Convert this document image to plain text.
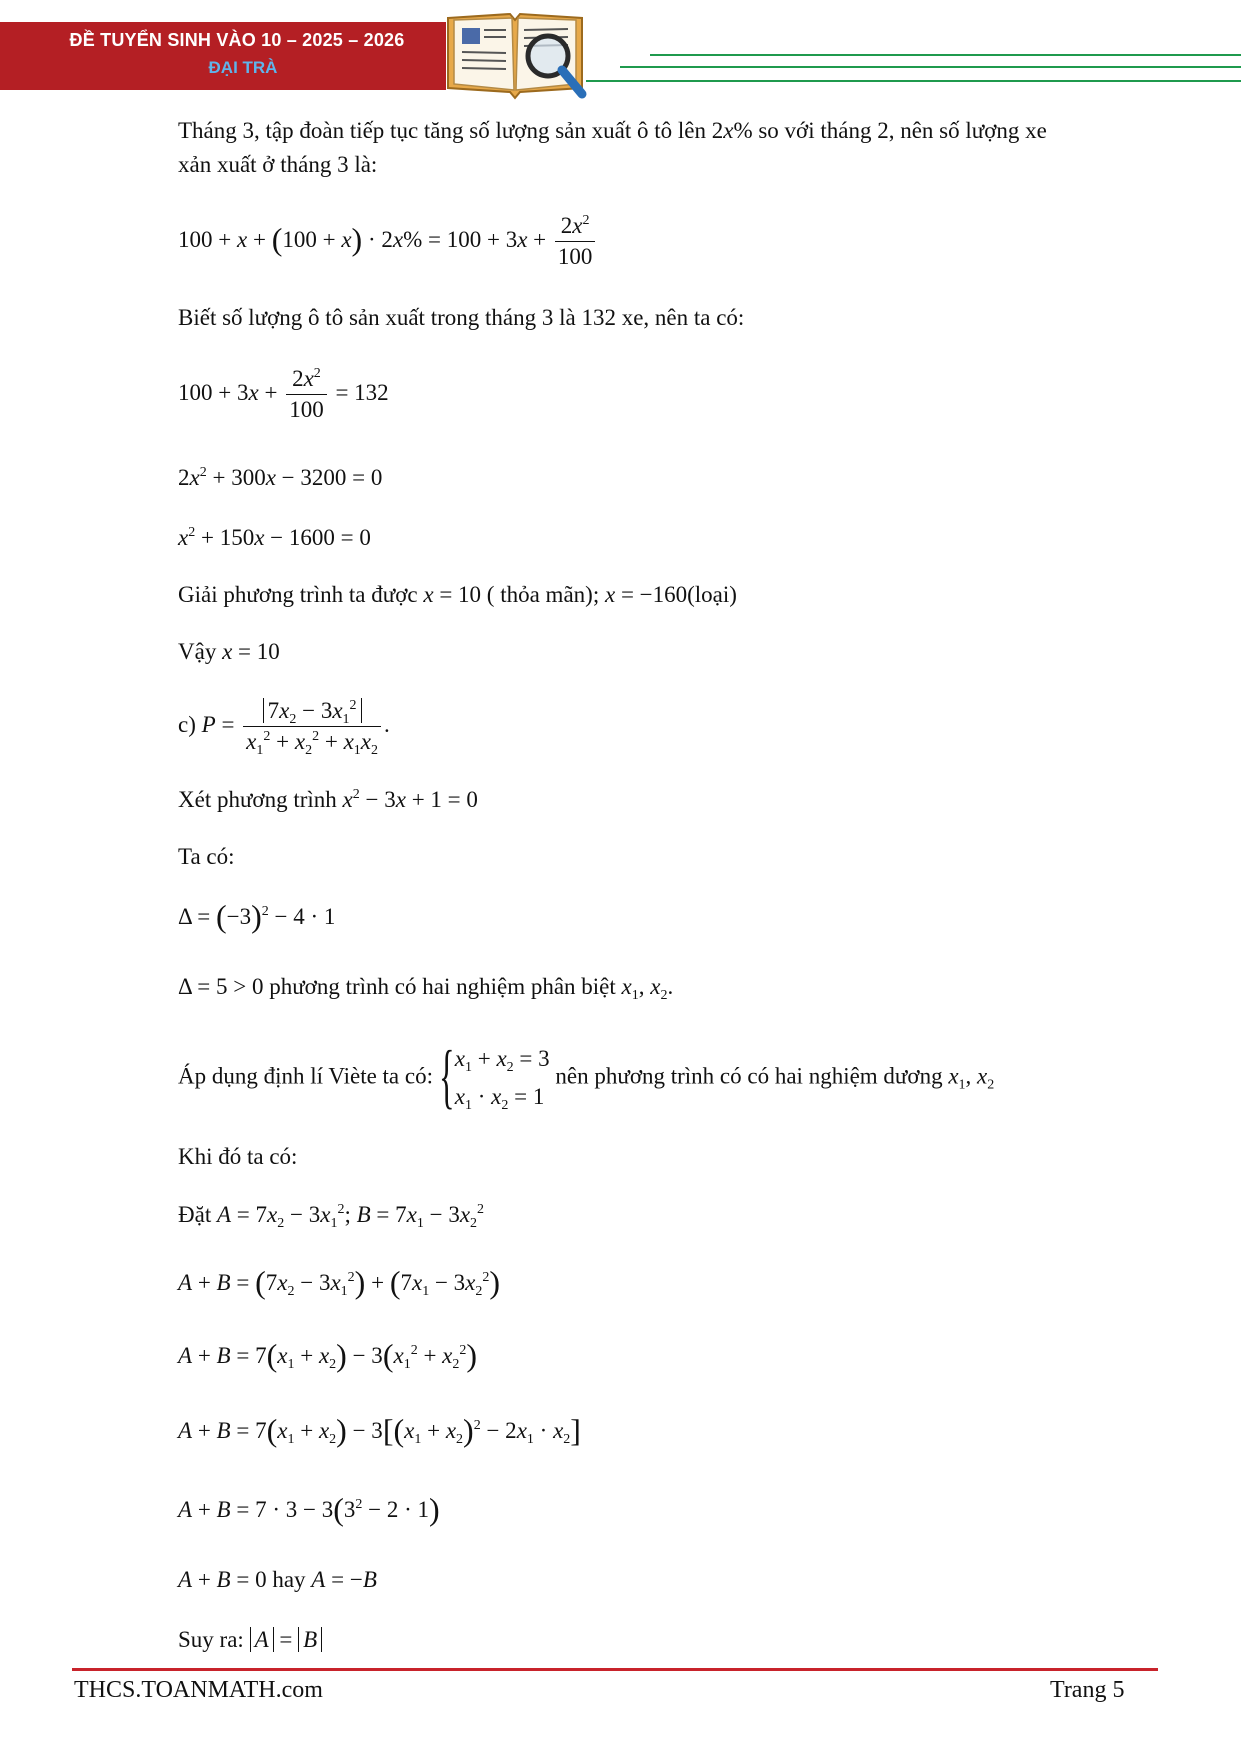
ĐỀ TUYỂN SINH VÀO 10 – 2025 – 2026
ĐẠI TRÀ
Tháng 3, tập đoàn tiếp tục tăng số lượng sản xuất ô tô lên 2x% so với tháng 2, nên số lượng xe
xản xuất ở tháng 3 là:
$100 + x + (100 + x) \cdot 2x\% = 100 + 3x + \frac{2x^2}{100}$
Biết số lượng ô tô sản xuất trong tháng 3 là 132 xe, nên ta có:
$100 + 3x + \frac{2x^2}{100} = 132$
$2x^2 + 300x - 3200 = 0$
$x^2 + 150x - 1600 = 0$
Giải phương trình ta được x = 10 ( thỏa mãn); x = −160(loại)
Vậy x = 10
c) $P = \frac{7x_2 - 3x_1^2}{x_1^2 + x_2^2 + x_1x_2}$ .
Xét phương trình $x^2 - 3x + 1 = 0$
Ta có:
$\Delta = (-3)^2 - 4 \cdot 1$
Δ = 5 > 0 phương trình có hai nghiệm phân biệt $x_1$, $x_2$.
Áp dụng định lí Viète ta có: { $x_1 + x_2 = 3$
$x_1 \cdot x_2 = 1$
nên phương trình có có hai nghiệm dương $x_1$, $x_2$
Khi đó ta có:
Đặt $A = 7x_2 - 3x_1^2$; $B = 7x_1 - 3x_2^2$
$A + B = (7x_2 - 3x_1^2) + (7x_1 - 3x_2^2)$
$A + B = 7(x_1 + x_2) - 3(x_1^2 + x_2^2)$
$A + B = 7(x_1 + x_2) - 3[(x_1 + x_2)^2 - 2x_1 \cdot x_2]$
$A + B = 7 \cdot 3 - 3(3^2 - 2 \cdot 1)$
A + B = 0 hay A = −B
Suy ra: A = B
THCS.TOANMATH.com	Trang 5
